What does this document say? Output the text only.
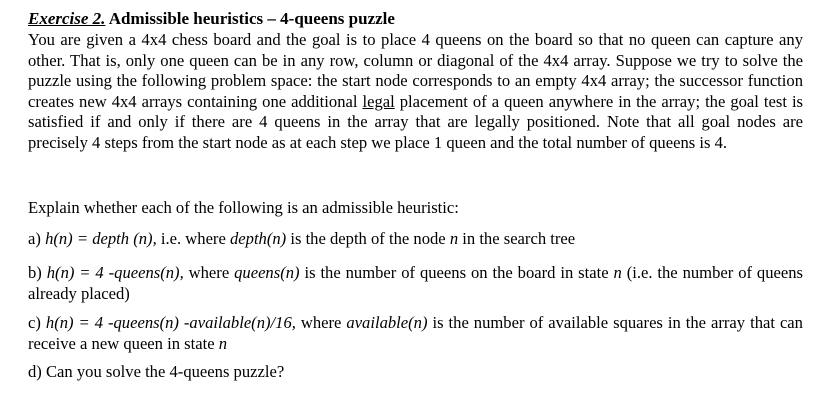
Exercise 2. Admissible heuristics – 4-queens puzzle
You are given a 4x4 chess board and the goal is to place 4 queens on the board so that no queen can capture any other. That is, only one queen can be in any row, column or diagonal of the 4x4 array. Suppose we try to solve the puzzle using the following problem space: the start node corresponds to an empty 4x4 array; the successor function creates new 4x4 arrays containing one additional legal placement of a queen anywhere in the array; the goal test is satisfied if and only if there are 4 queens in the array that are legally positioned. Note that all goal nodes are precisely 4 steps from the start node as at each step we place 1 queen and the total number of queens is 4.
Explain whether each of the following is an admissible heuristic:
a) h(n) = depth (n), i.e. where depth(n) is the depth of the node n in the search tree
b) h(n) = 4 -queens(n), where queens(n) is the number of queens on the board in state n (i.e. the number of queens already placed)
c) h(n) = 4 -queens(n) -available(n)/16, where available(n) is the number of available squares in the array that can receive a new queen in state n
d) Can you solve the 4-queens puzzle?
